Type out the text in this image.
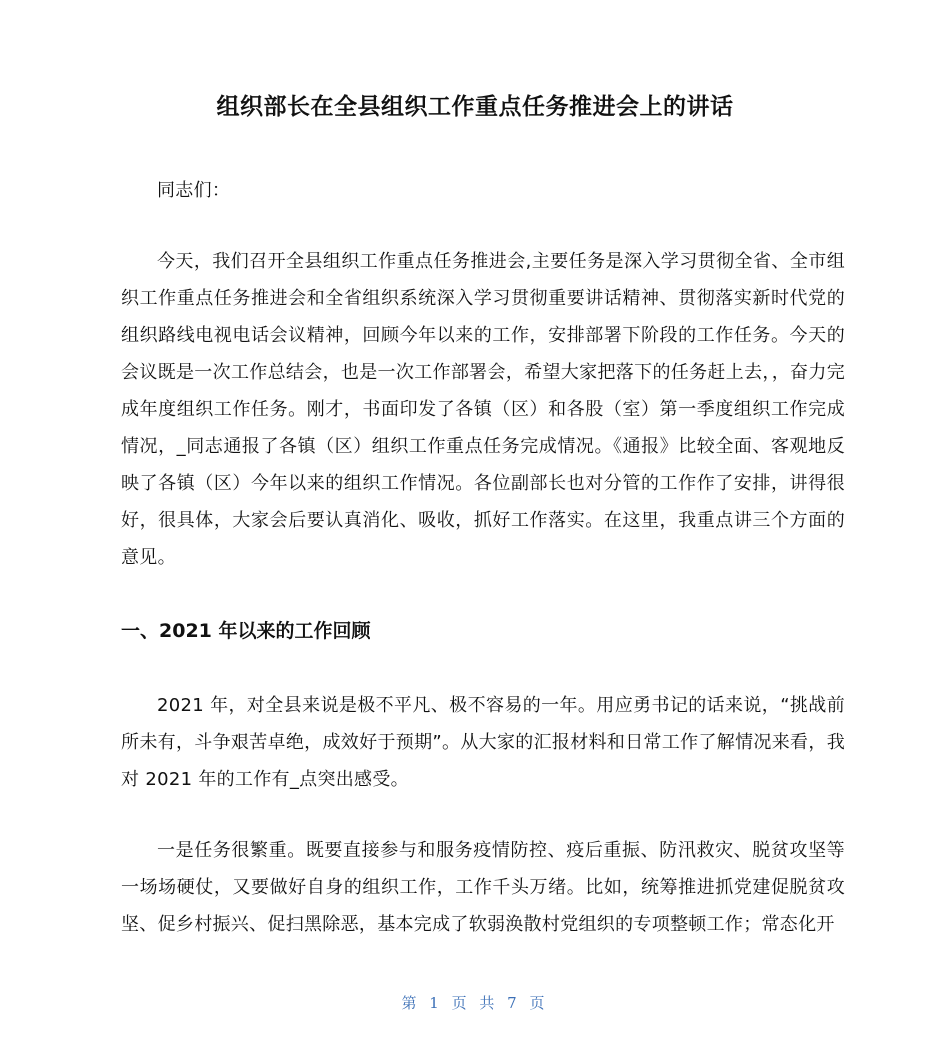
组织部长在全县组织工作重点任务推进会上的讲话
同志们：
今天，我们召开全县组织工作重点任务推进会,主要任务是深入学习贯彻全省、全市组织工作重点任务推进会和全省组织系统深入学习贯彻重要讲话精神、贯彻落实新时代党的组织路线电视电话会议精神，回顾今年以来的工作，安排部署下阶段的工作任务。今天的会议既是一次工作总结会，也是一次工作部署会，希望大家把落下的任务赶上去，，奋力完成年度组织工作任务。刚才，书面印发了各镇（区）和各股（室）第一季度组织工作完成情况，_同志通报了各镇（区）组织工作重点任务完成情况。《通报》比较全面、客观地反映了各镇（区）今年以来的组织工作情况。各位副部长也对分管的工作作了安排，讲得很好，很具体，大家会后要认真消化、吸收，抓好工作落实。在这里，我重点讲三个方面的意见。
一、2021 年以来的工作回顾
2021 年，对全县来说是极不平凡、极不容易的一年。用应勇书记的话来说，“挑战前所未有，斗争艰苦卓绝，成效好于预期”。从大家的汇报材料和日常工作了解情况来看，我对 2021 年的工作有_点突出感受。
一是任务很繁重。既要直接参与和服务疫情防控、疫后重振、防汛救灾、脱贫攻坚等一场场硬仗，又要做好自身的组织工作，工作千头万绪。比如，统筹推进抓党建促脱贫攻坚、促乡村振兴、促扫黑除恶，基本完成了软弱涣散村党组织的专项整顿工作；常态化开
第 1 页 共 7 页
